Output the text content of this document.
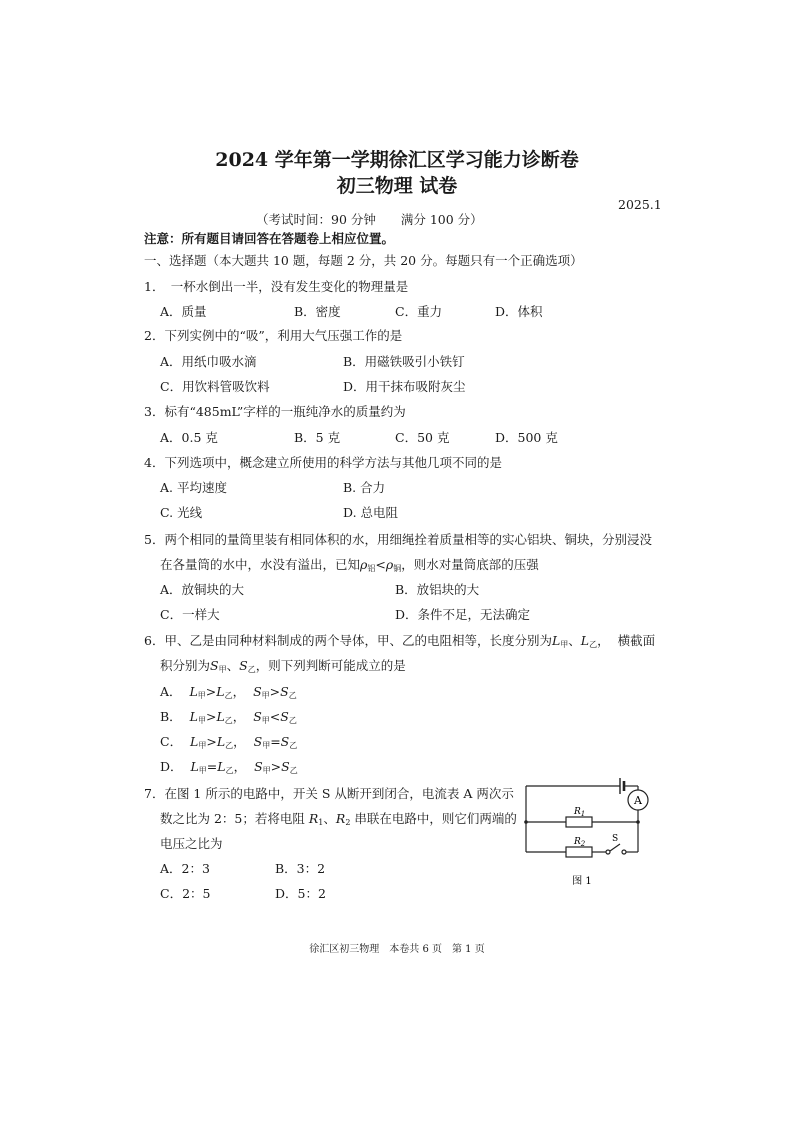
2024 学年第一学期徐汇区学习能力诊断卷
初三物理 试卷
2025.1
（考试时间：90 分钟　　满分 100 分）
注意：所有题目请回答在答题卷上相应位置。
一、选择题（本大题共 10 题，每题 2 分，共 20 分。每题只有一个正确选项）
1．　一杯水倒出一半，没有发生变化的物理量是
A．质量	B．密度	C．重力	D．体积
2．下列实例中的“吸”，利用大气压强工作的是
A．用纸巾吸水滴	B．用磁铁吸引小铁钉
C．用饮料管吸饮料	D．用干抹布吸附灰尘
3．标有“485mL”字样的一瓶纯净水的质量约为
A．0.5 克	B．5 克	C．50 克	D．500 克
4．下列选项中，概念建立所使用的科学方法与其他几项不同的是
A. 平均速度	B. 合力
C. 光线	D. 总电阻
5．两个相同的量筒里装有相同体积的水，用细绳拴着质量相等的实心铝块、铜块，分别浸没
在各量筒的水中，水没有溢出，已知$\rho_铝<\rho_铜$，则水对量筒底部的压强
A．放铜块的大	B．放铝块的大
C．一样大	D．条件不足，无法确定
6．甲、乙是由同种材料制成的两个导体，甲、乙的电阻相等，长度分别为$L_甲$、$L_乙$， 横截面
积分别为$S_甲$、$S_乙$，则下列判断可能成立的是
A． $L_甲>L_乙$， $S_甲>S_乙$
B． $L_甲>L_乙$， $S_甲<S_乙$
C． $L_甲>L_乙$， $S_甲=S_乙$
D． $L_甲=L_乙$， $S_甲>S_乙$
7．在图 1 所示的电路中，开关 S 从断开到闭合，电流表 A 两次示
数之比为 2：5；若将电阻 $R_1$、$R_2$ 串联在电路中，则它们两端的
电压之比为
A．2：3	B．3：2
C．2：5	D．5：2
A
$R_1$
$R_2$	S
图 1
徐汇区初三物理　本卷共 6 页　第 1 页
